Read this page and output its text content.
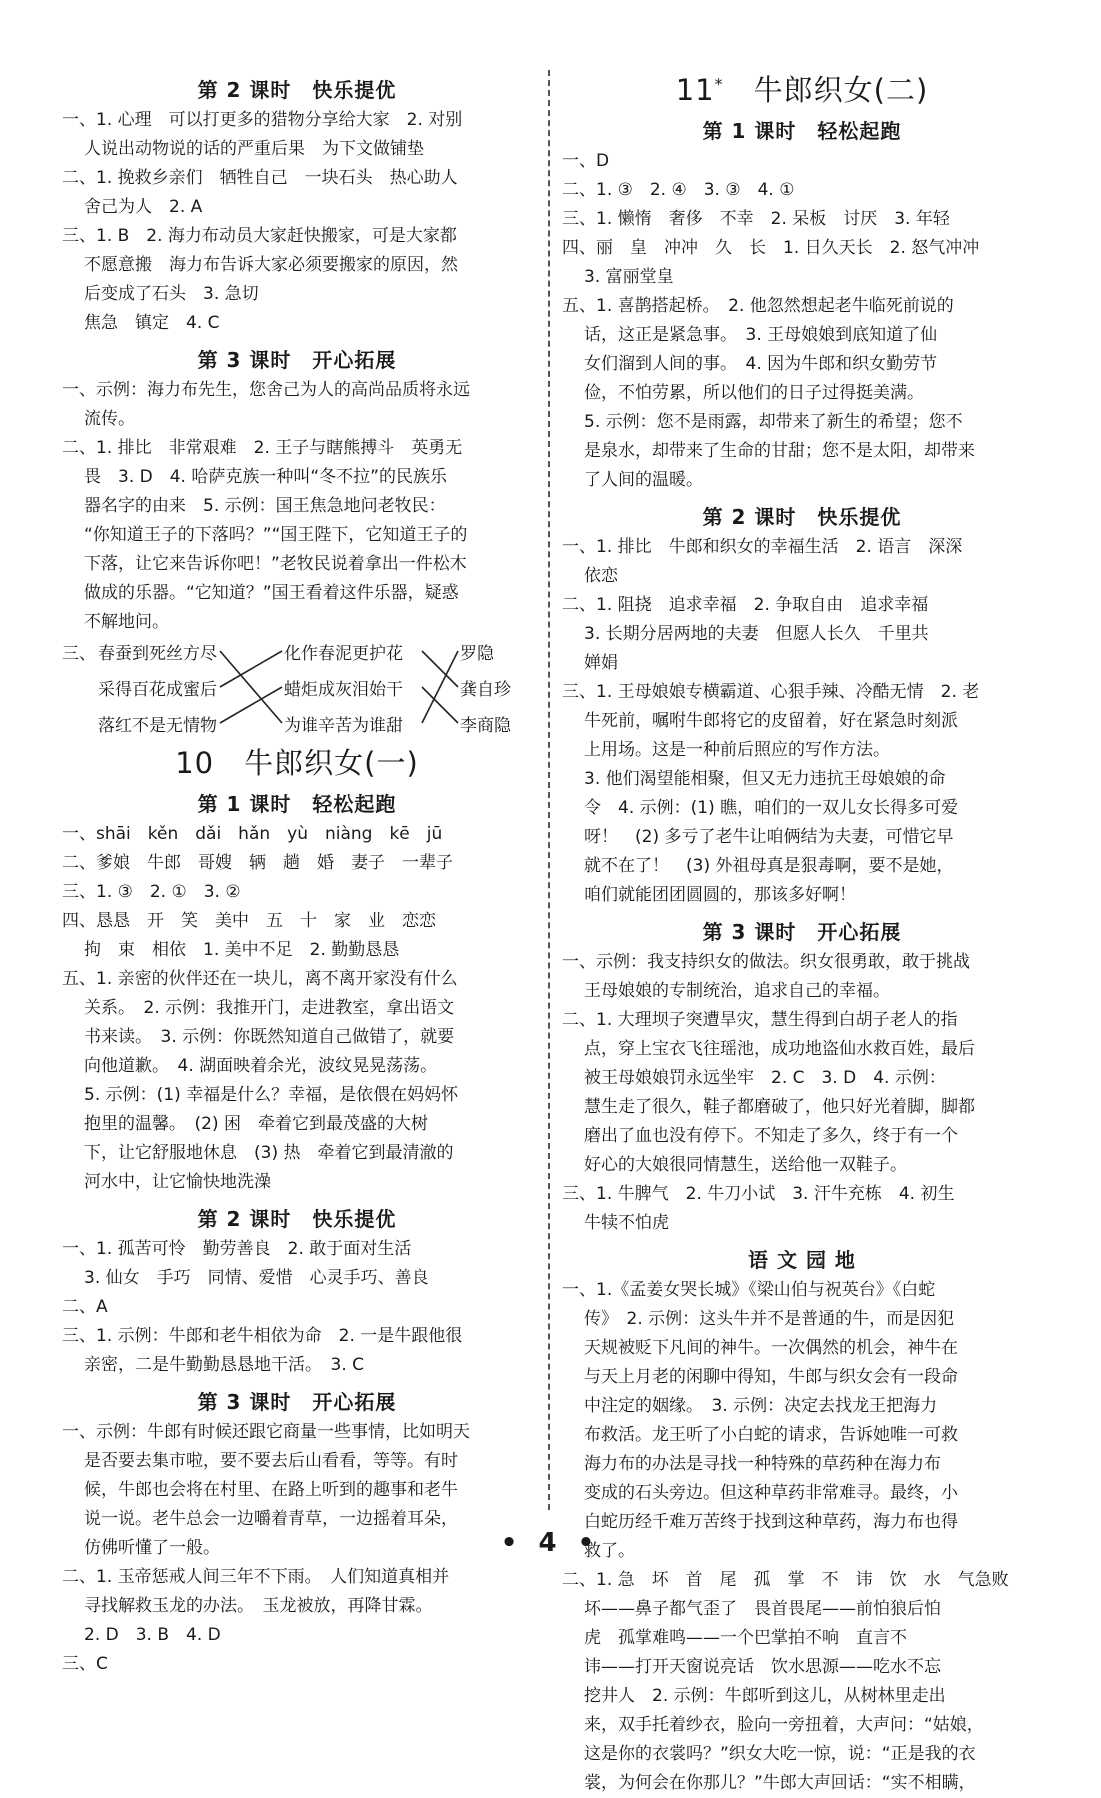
第 2 课时　快乐提优
一、1. 心理　可以打更多的猎物分享给大家　2. 对别
人说出动物说的话的严重后果　为下文做铺垫
二、1. 挽救乡亲们　牺牲自己　一块石头　热心助人
舍己为人　2. A
三、1. B　2. 海力布动员大家赶快搬家，可是大家都
不愿意搬　海力布告诉大家必须要搬家的原因，然
后变成了石头　3. 急切
焦急　镇定　4. C
第 3 课时　开心拓展
一、示例：海力布先生，您舍己为人的高尚品质将永远
流传。
二、1. 排比　非常艰难　2. 王子与瞎熊搏斗　英勇无
畏　3. D　4. 哈萨克族一种叫“冬不拉”的民族乐
器名字的由来　5. 示例：国王焦急地问老牧民：
“你知道王子的下落吗？”“国王陛下，它知道王子的
下落，让它来告诉你吧！”老牧民说着拿出一件松木
做成的乐器。“它知道？”国王看着这件乐器，疑惑
不解地问。
三、 春蚕到死丝方尽
采得百花成蜜后
落红不是无情物
化作春泥更护花
蜡炬成灰泪始干
为谁辛苦为谁甜
罗隐
龚自珍
李商隐
10　牛郎织女(一)
第 1 课时　轻松起跑
一、shāi　kěn　dǎi　hǎn　yù　niàng　kē　jū
二、爹娘　牛郎　哥嫂　辆　趟　婚　妻子　一辈子
三、1. ③　2. ①　3. ②
四、恳恳　开　笑　美中　五　十　家　业　恋恋
拘　束　相依　1. 美中不足　2. 勤勤恳恳
五、1. 亲密的伙伴还在一块儿，离不离开家没有什么
关系。　2. 示例：我推开门，走进教室，拿出语文
书来读。　3. 示例：你既然知道自己做错了，就要
向他道歉。　4. 湖面映着余光，波纹晃晃荡荡。
5. 示例：(1) 幸福是什么？幸福，是依偎在妈妈怀
抱里的温馨。　(2) 困　牵着它到最茂盛的大树
下，让它舒服地休息　(3) 热　牵着它到最清澈的
河水中，让它愉快地洗澡
第 2 课时　快乐提优
一、1. 孤苦可怜　勤劳善良　2. 敢于面对生活
3. 仙女　手巧　同情、爱惜　心灵手巧、善良
二、A
三、1. 示例：牛郎和老牛相依为命　2. 一是牛跟他很
亲密，二是牛勤勤恳恳地干活。　3. C
第 3 课时　开心拓展
一、示例：牛郎有时候还跟它商量一些事情，比如明天
是否要去集市啦，要不要去后山看看，等等。有时
候，牛郎也会将在村里、在路上听到的趣事和老牛
说一说。老牛总会一边嚼着青草，一边摇着耳朵，
仿佛听懂了一般。
二、1. 玉帝惩戒人间三年不下雨。　人们知道真相并
寻找解救玉龙的办法。　玉龙被放，再降甘霖。
2. D　3. B　4. D
三、C
11*　 牛郎织女(二)
第 1 课时　轻松起跑
一、D
二、1. ③　2. ④　3. ③　4. ①
三、1. 懒惰　奢侈　不幸　2. 呆板　讨厌　3. 年轻
四、丽　皇　冲冲　久　长　1. 日久天长　2. 怒气冲冲
3. 富丽堂皇
五、1. 喜鹊搭起桥。　2. 他忽然想起老牛临死前说的
话，这正是紧急事。　3. 王母娘娘到底知道了仙
女们溜到人间的事。　4. 因为牛郎和织女勤劳节
俭，不怕劳累，所以他们的日子过得挺美满。
5. 示例：您不是雨露，却带来了新生的希望；您不
是泉水，却带来了生命的甘甜；您不是太阳，却带来
了人间的温暖。
第 2 课时　快乐提优
一、1. 排比　牛郎和织女的幸福生活　2. 语言　深深
依恋
二、1. 阻挠　追求幸福　2. 争取自由　追求幸福
3. 长期分居两地的夫妻　但愿人长久　千里共
婵娟
三、1. 王母娘娘专横霸道、心狠手辣、冷酷无情　2. 老
牛死前，嘱咐牛郎将它的皮留着，好在紧急时刻派
上用场。这是一种前后照应的写作方法。
3. 他们渴望能相聚，但又无力违抗王母娘娘的命
令　4. 示例：(1) 瞧，咱们的一双儿女长得多可爱
呀！　(2) 多亏了老牛让咱俩结为夫妻，可惜它早
就不在了！　(3) 外祖母真是狠毒啊，要不是她，
咱们就能团团圆圆的，那该多好啊！
第 3 课时　开心拓展
一、示例：我支持织女的做法。织女很勇敢，敢于挑战
王母娘娘的专制统治，追求自己的幸福。
二、1. 大理坝子突遭旱灾，慧生得到白胡子老人的指
点，穿上宝衣飞往瑶池，成功地盗仙水救百姓，最后
被王母娘娘罚永远坐牢　2. C　3. D　4. 示例：
慧生走了很久，鞋子都磨破了，他只好光着脚，脚都
磨出了血也没有停下。不知走了多久，终于有一个
好心的大娘很同情慧生，送给他一双鞋子。
三、1. 牛脾气　2. 牛刀小试　3. 汗牛充栋　4. 初生
牛犊不怕虎
语 文 园 地
一、1.《孟姜女哭长城》《梁山伯与祝英台》《白蛇
传》　2. 示例：这头牛并不是普通的牛，而是因犯
天规被贬下凡间的神牛。一次偶然的机会，神牛在
与天上月老的闲聊中得知，牛郎与织女会有一段命
中注定的姻缘。　3. 示例：决定去找龙王把海力
布救活。龙王听了小白蛇的请求，告诉她唯一可救
海力布的办法是寻找一种特殊的草药种在海力布
变成的石头旁边。但这种草药非常难寻。最终，小
白蛇历经千难万苦终于找到这种草药，海力布也得
救了。
二、1. 急　坏　首　尾　孤　掌　不　讳　饮　水　气急败
坏——鼻子都气歪了　畏首畏尾——前怕狼后怕
虎　孤掌难鸣——一个巴掌拍不响　直言不
讳——打开天窗说亮话　饮水思源——吃水不忘
挖井人　2. 示例：牛郎听到这儿，从树林里走出
来，双手托着纱衣，脸向一旁扭着，大声问：“姑娘，
这是你的衣裳吗？”织女大吃一惊，说：“正是我的衣
裳，为何会在你那儿？”牛郎大声回话：“实不相瞒，
• 4 •
